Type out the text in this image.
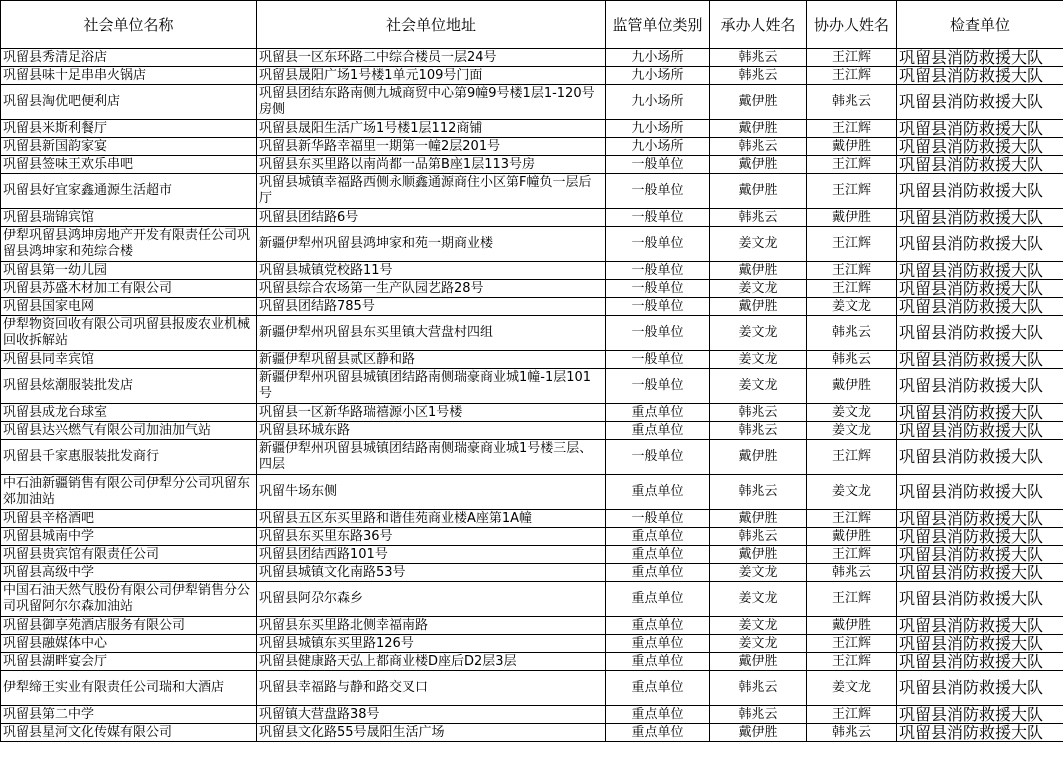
社会单位名称	社会单位地址	监管单位类别	承办人姓名	协办人姓名	检查单位
巩留县秀清足浴店	巩留县一区东环路二中综合楼员一层24号	九小场所	韩兆云	王江辉	巩留县消防救援大队
巩留县味十足串串火锅店	巩留县晟阳广场1号楼1单元109号门面	九小场所	韩兆云	王江辉	巩留县消防救援大队
巩留县淘优吧便利店	巩留县团结东路南侧九城商贸中心第9幢9号楼1层1-120号房侧	九小场所	戴伊胜	韩兆云	巩留县消防救援大队
巩留县米斯利餐厅	巩留县晟阳生活广场1号楼1层112商铺	九小场所	戴伊胜	王江辉	巩留县消防救援大队
巩留县新国韵家宴	巩留县新华路幸福里一期第一幢2层201号	九小场所	韩兆云	戴伊胜	巩留县消防救援大队
巩留县签味王欢乐串吧	巩留县东买里路以南尚都一品第B座1层113号房	一般单位	戴伊胜	王江辉	巩留县消防救援大队
巩留县好宜家鑫通源生活超市	巩留县城镇幸福路西侧永顺鑫通源商住小区第F幢负一层后厅	一般单位	戴伊胜	王江辉	巩留县消防救援大队
巩留县瑞锦宾馆	巩留县团结路6号	一般单位	韩兆云	戴伊胜	巩留县消防救援大队
伊犁巩留县鸿坤房地产开发有限责任公司巩留县鸿坤家和苑综合楼	新疆伊犁州巩留县鸿坤家和苑一期商业楼	一般单位	姜文龙	王江辉	巩留县消防救援大队
巩留县第一幼儿园	巩留县城镇党校路11号	一般单位	戴伊胜	王江辉	巩留县消防救援大队
巩留县苏盛木材加工有限公司	巩留县综合农场第一生产队园艺路28号	一般单位	姜文龙	王江辉	巩留县消防救援大队
巩留县国家电网	巩留县团结路785号	一般单位	戴伊胜	姜文龙	巩留县消防救援大队
伊犁物资回收有限公司巩留县报废农业机械回收拆解站	新疆伊犁州巩留县东买里镇大营盘村四组	一般单位	姜文龙	韩兆云	巩留县消防救援大队
巩留县同幸宾馆	新疆伊犁巩留县贰区静和路	一般单位	姜文龙	韩兆云	巩留县消防救援大队
巩留县炫潮服装批发店	新疆伊犁州巩留县城镇团结路南侧瑞豪商业城1幢-1层101号	一般单位	姜文龙	戴伊胜	巩留县消防救援大队
巩留县成龙台球室	巩留县一区新华路瑞禧源小区1号楼	重点单位	韩兆云	姜文龙	巩留县消防救援大队
巩留县达兴燃气有限公司加油加气站	巩留县环城东路	重点单位	韩兆云	姜文龙	巩留县消防救援大队
巩留县千家惠服装批发商行	新疆伊犁州巩留县城镇团结路南侧瑞豪商业城1号楼三层、四层	一般单位	戴伊胜	王江辉	巩留县消防救援大队
中石油新疆销售有限公司伊犁分公司巩留东郊加油站	巩留牛场东侧	重点单位	韩兆云	姜文龙	巩留县消防救援大队
巩留县辛格酒吧	巩留县五区东买里路和谐佳苑商业楼A座第1A幢	一般单位	戴伊胜	王江辉	巩留县消防救援大队
巩留县城南中学	巩留县东买里东路36号	重点单位	韩兆云	戴伊胜	巩留县消防救援大队
巩留县贵宾馆有限责任公司	巩留县团结西路101号	重点单位	戴伊胜	王江辉	巩留县消防救援大队
巩留县高级中学	巩留县城镇文化南路53号	重点单位	姜文龙	韩兆云	巩留县消防救援大队
中国石油天然气股份有限公司伊犁销售分公司巩留阿尔尔森加油站	巩留县阿尕尔森乡	重点单位	姜文龙	王江辉	巩留县消防救援大队
巩留县御享苑酒店服务有限公司	巩留县东买里路北侧幸福南路	重点单位	姜文龙	戴伊胜	巩留县消防救援大队
巩留县融媒体中心	巩留县城镇东买里路126号	重点单位	姜文龙	王江辉	巩留县消防救援大队
巩留县湖畔宴会厅	巩留县健康路天弘上都商业楼D座后D2层3层	重点单位	戴伊胜	王江辉	巩留县消防救援大队
伊犁缔王实业有限责任公司瑞和大酒店	巩留县幸福路与静和路交叉口	重点单位	韩兆云	姜文龙	巩留县消防救援大队
巩留县第二中学	巩留镇大营盘路38号	重点单位	韩兆云	王江辉	巩留县消防救援大队
巩留县星河文化传媒有限公司	巩留县文化路55号晟阳生活广场	重点单位	戴伊胜	韩兆云	巩留县消防救援大队
